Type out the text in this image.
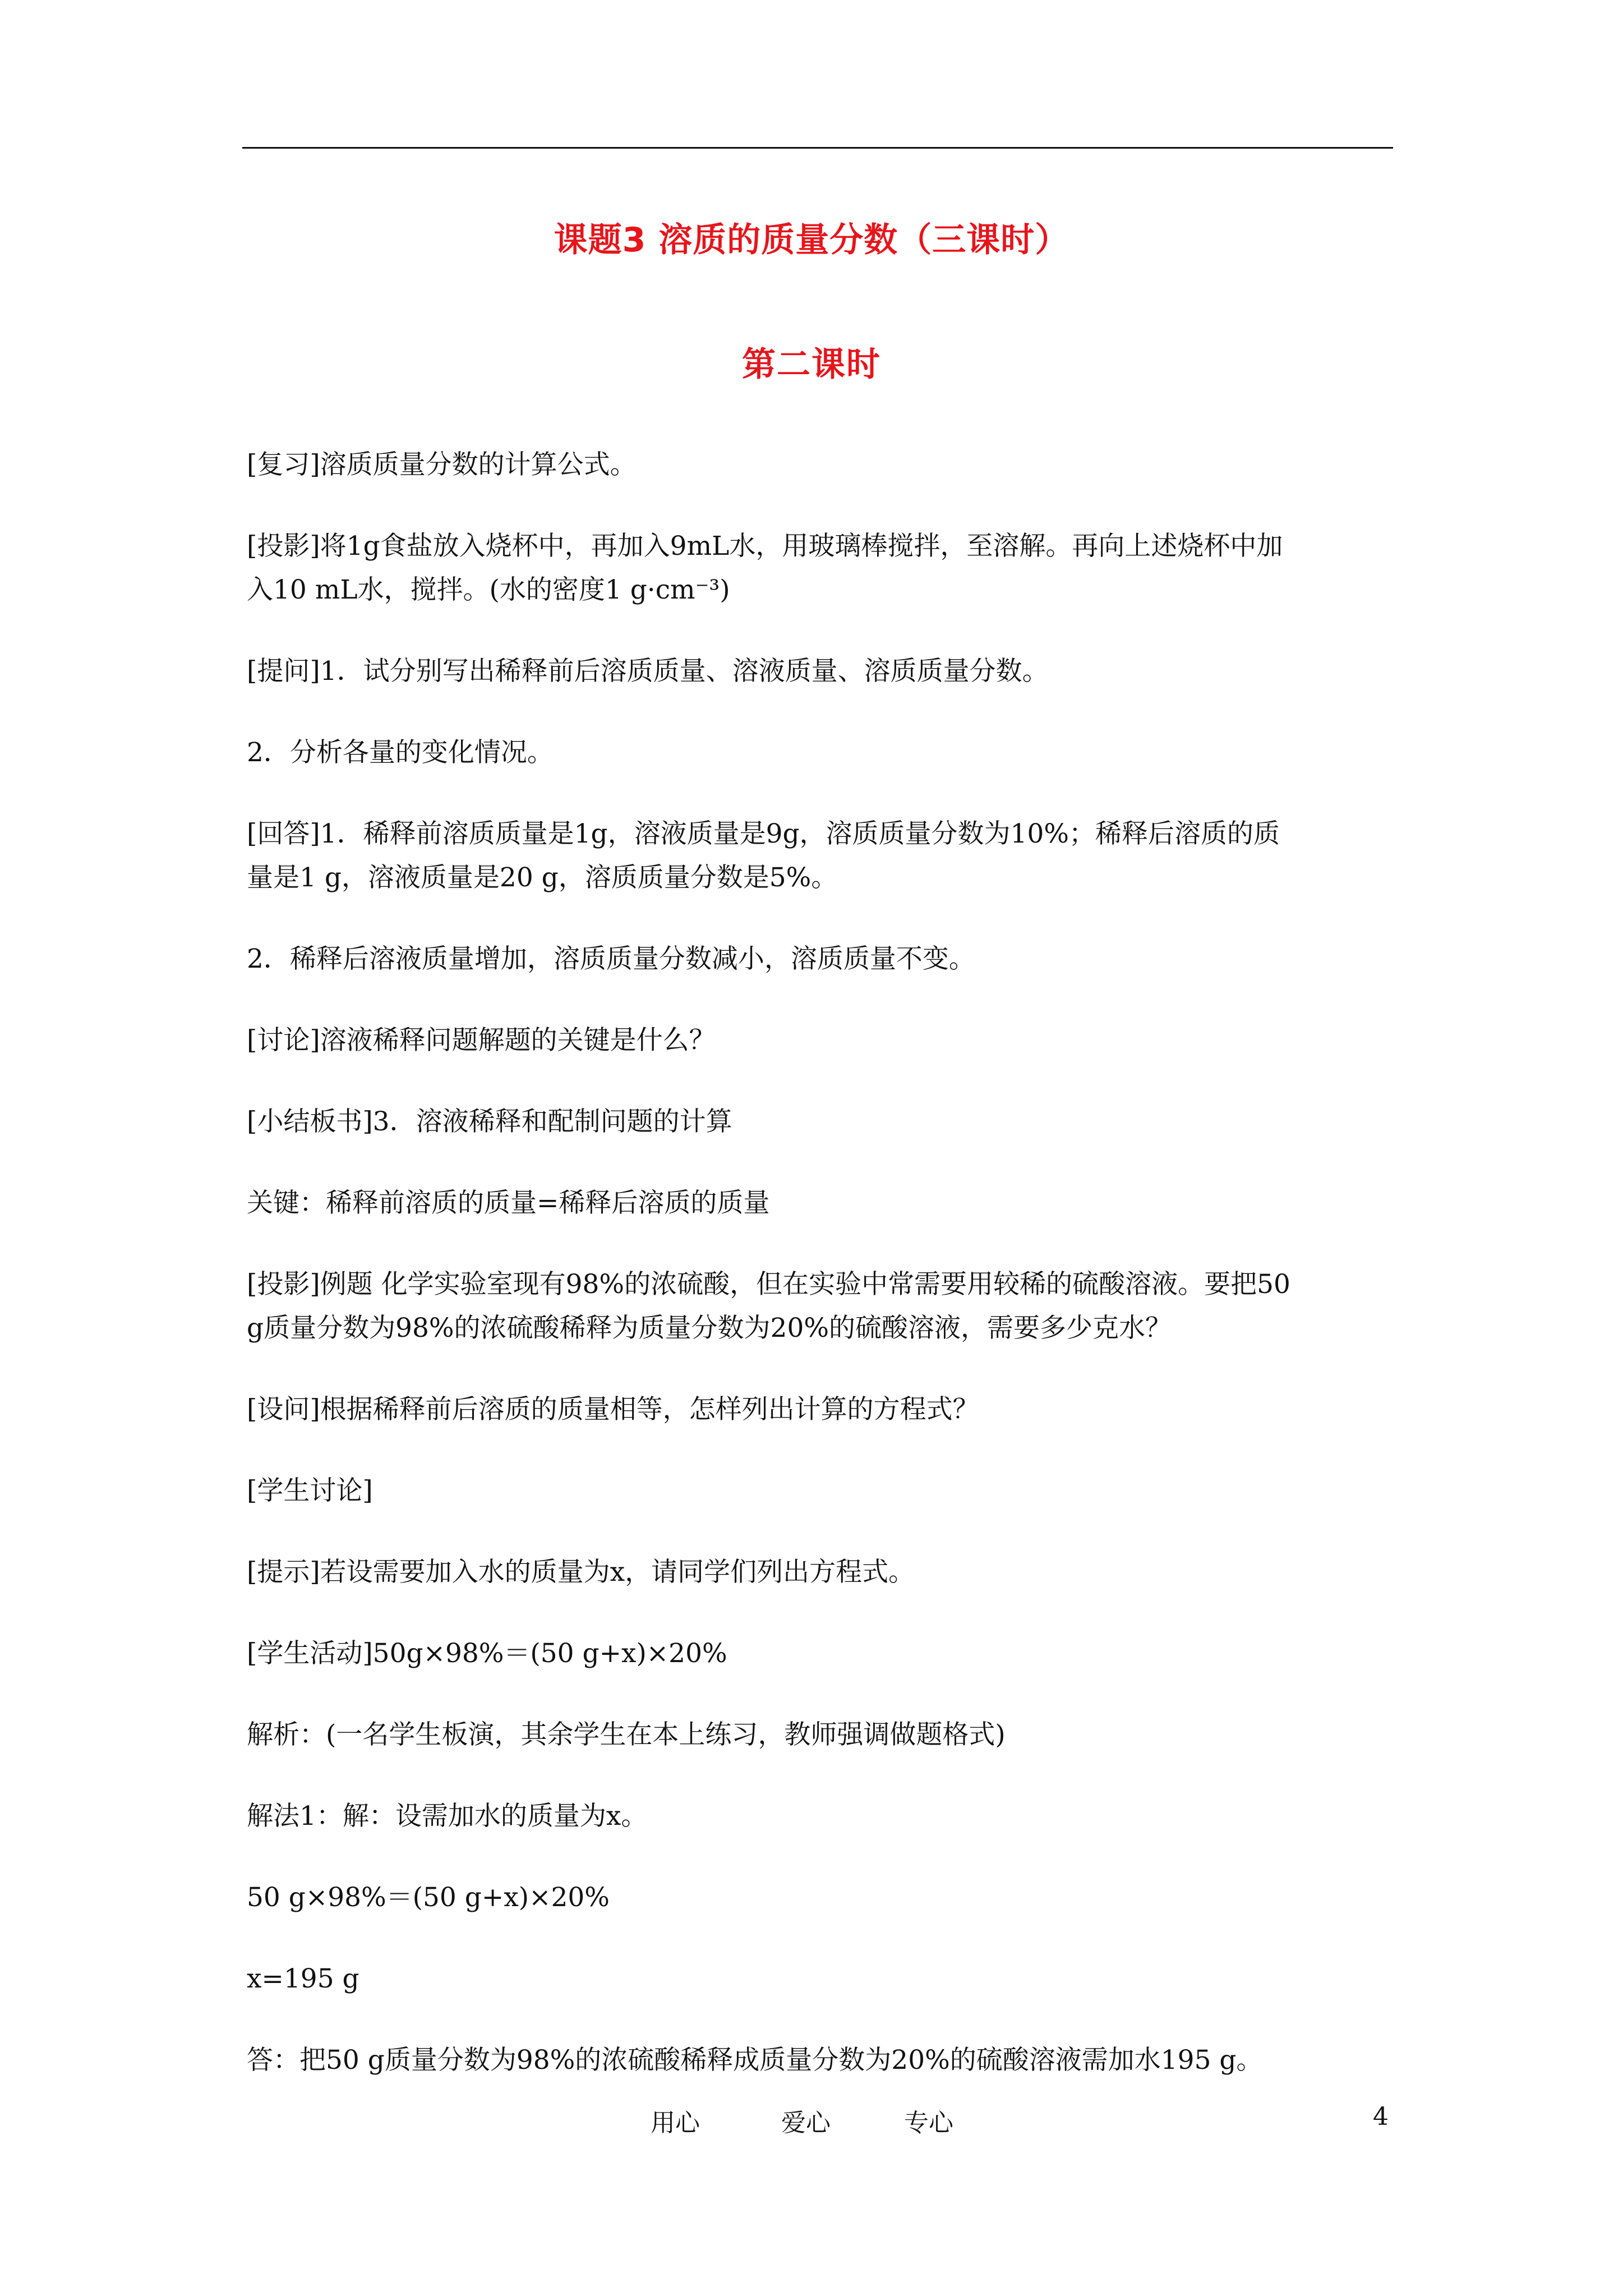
课题3 溶质的质量分数（三课时）
第二课时
[复习]溶质质量分数的计算公式。
[投影]将1g食盐放入烧杯中，再加入9mL水，用玻璃棒搅拌，至溶解。再向上述烧杯中加
入10 mL水，搅拌。(水的密度1 g·cm⁻³)
[提问]1．试分别写出稀释前后溶质质量、溶液质量、溶质质量分数。
2．分析各量的变化情况。
[回答]1．稀释前溶质质量是1g，溶液质量是9g，溶质质量分数为10%；稀释后溶质的质
量是1 g，溶液质量是20 g，溶质质量分数是5%。
2．稀释后溶液质量增加，溶质质量分数减小，溶质质量不变。
[讨论]溶液稀释问题解题的关键是什么？
[小结板书]3．溶液稀释和配制问题的计算
关键：稀释前溶质的质量=稀释后溶质的质量
[投影]例题 化学实验室现有98%的浓硫酸，但在实验中常需要用较稀的硫酸溶液。要把50
g质量分数为98%的浓硫酸稀释为质量分数为20%的硫酸溶液，需要多少克水？
[设问]根据稀释前后溶质的质量相等，怎样列出计算的方程式？
[学生讨论]
[提示]若设需要加入水的质量为x，请同学们列出方程式。
[学生活动]50g×98%＝(50 g+x)×20%
解析：(一名学生板演，其余学生在本上练习，教师强调做题格式)
解法1：解：设需加水的质量为x。
50 g×98%＝(50 g+x)×20%
x=195 g
答：把50 g质量分数为98%的浓硫酸稀释成质量分数为20%的硫酸溶液需加水195 g。
用心	爱心	专心	4
